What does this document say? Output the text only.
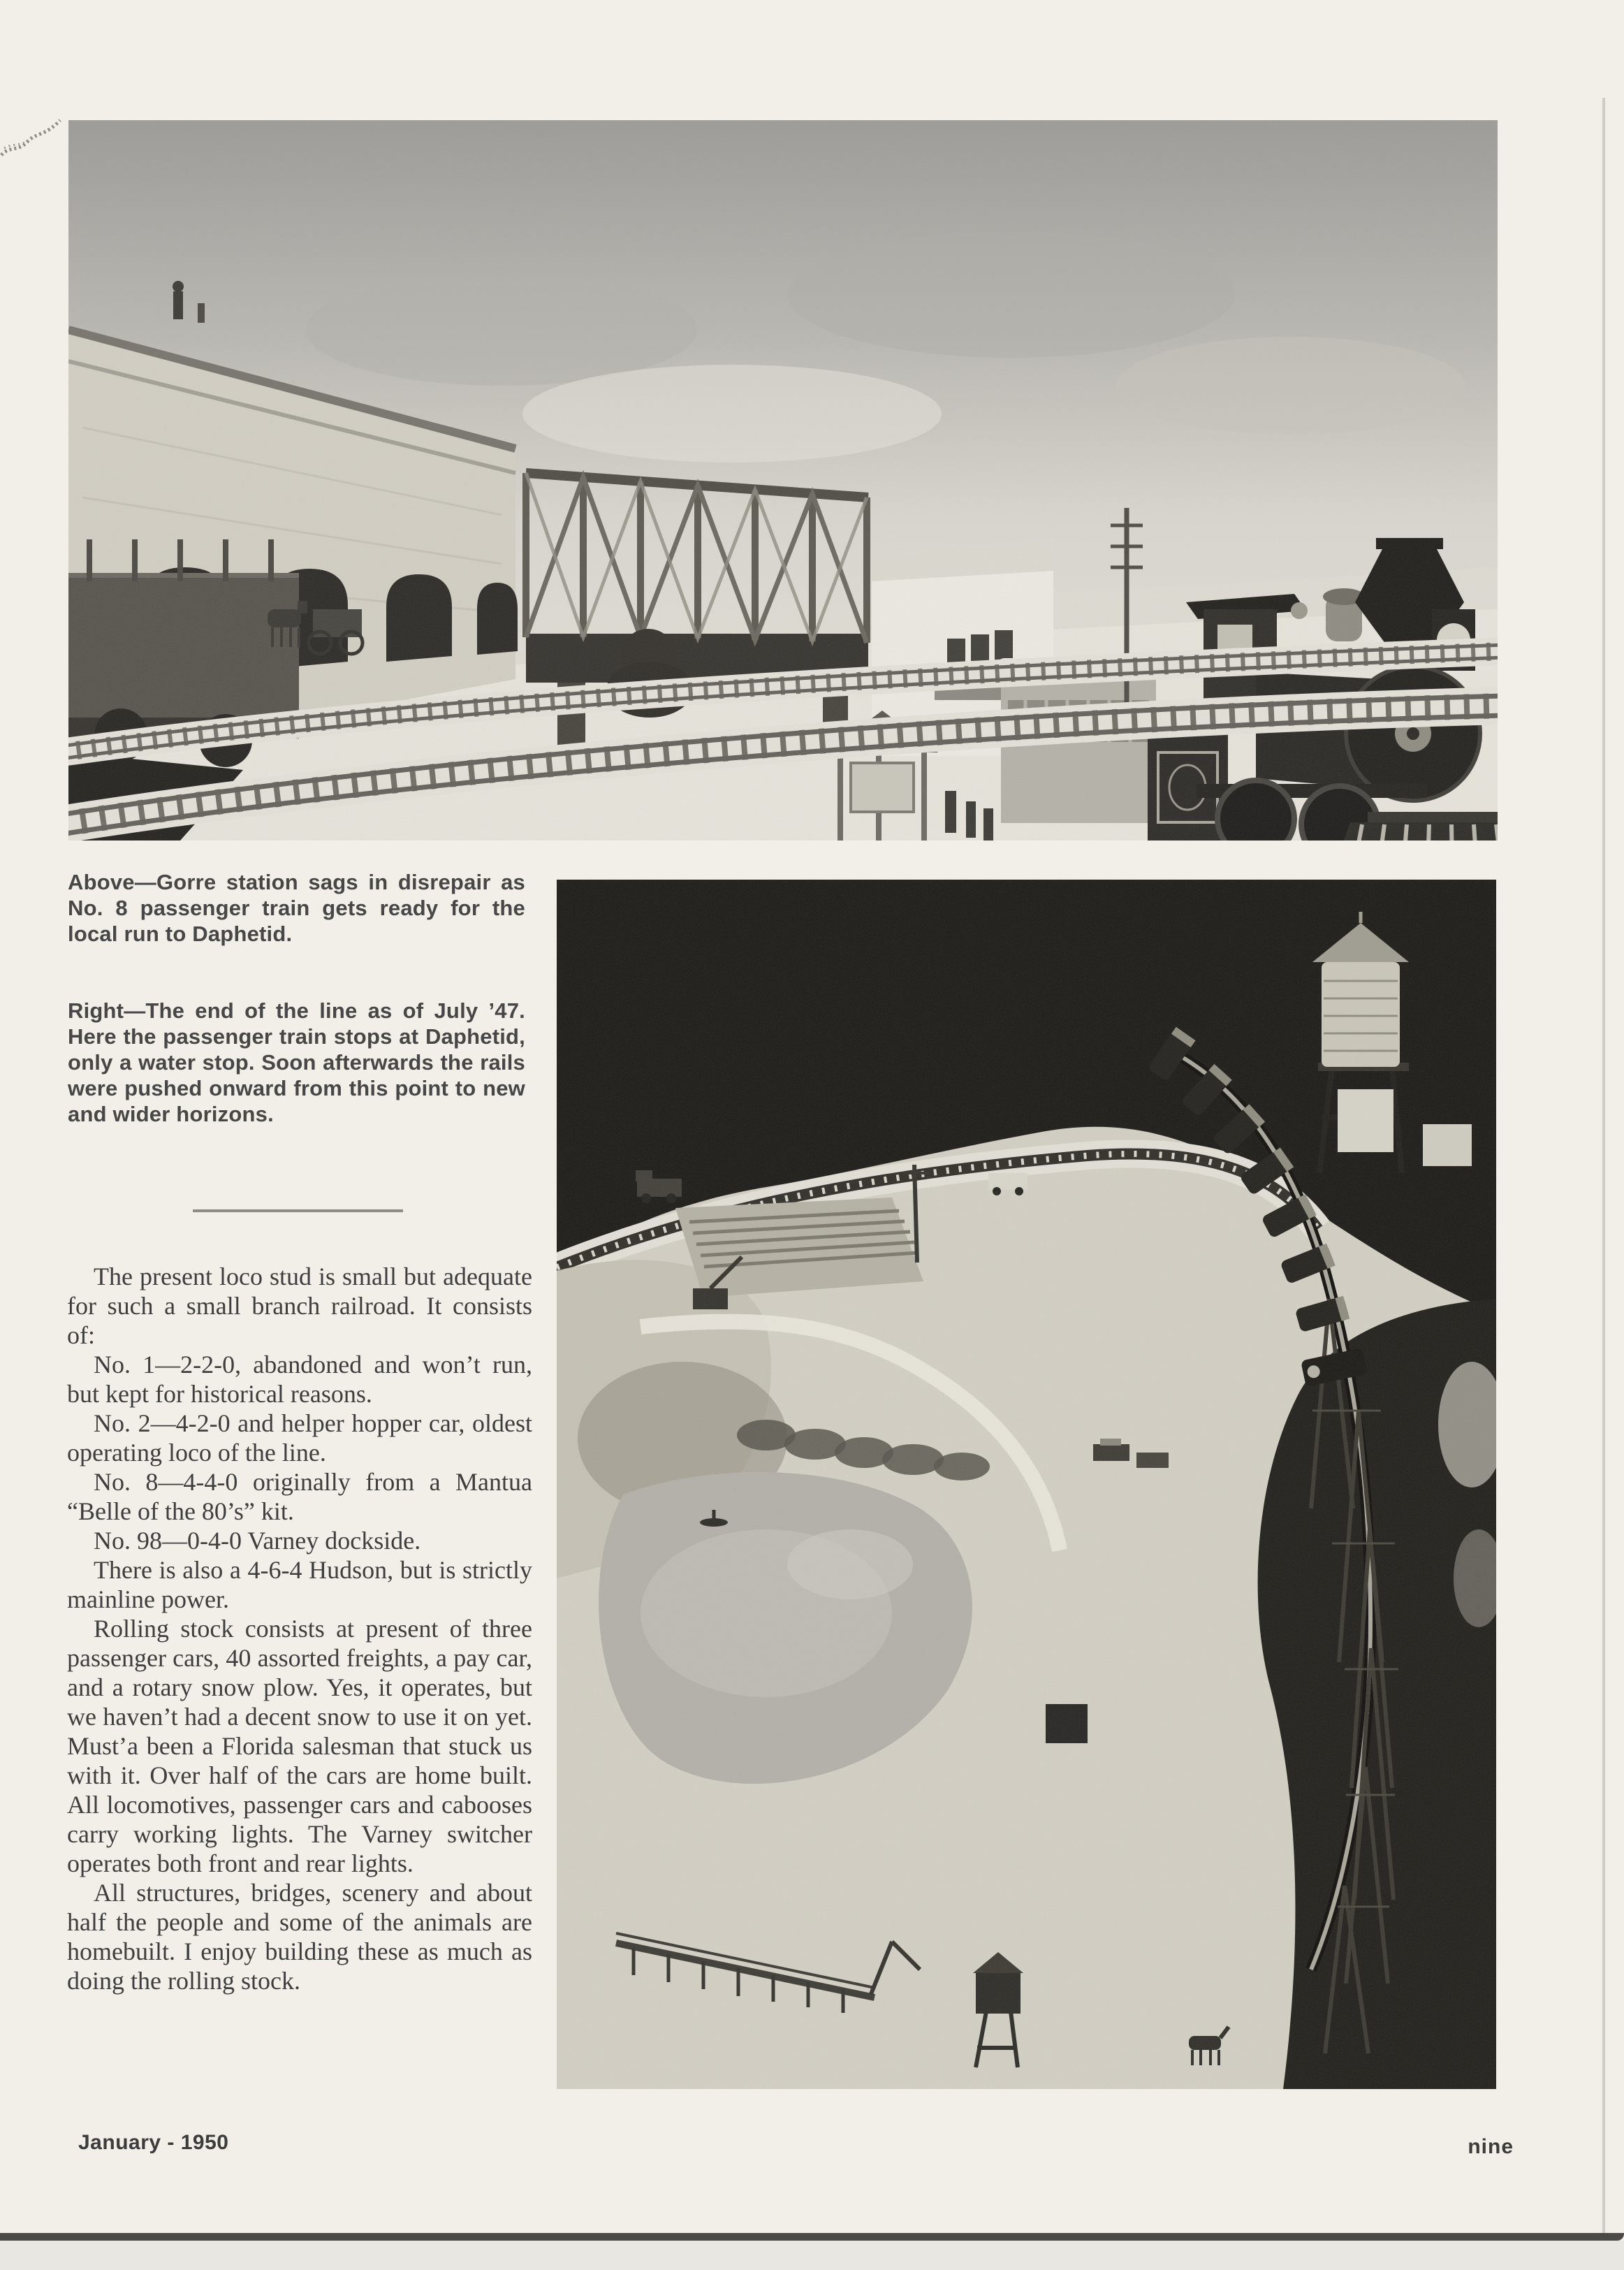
Above—Gorre station sags in disrepair as No. 8 passenger train gets ready for the local run to Daphetid.

Right—The end of the line as of July ’47. Here the passenger train stops at Daphetid, only a water stop. Soon afterwards the rails were pushed onward from this point to new and wider horizons.

The present loco stud is small but adequate for such a small branch railroad. It consists of:

No. 1—2-2-0, abandoned and won’t run, but kept for historical reasons.

No. 2—4-2-0 and helper hopper car, oldest operating loco of the line.

No. 8—4-4-0 originally from a Mantua “Belle of the 80’s” kit.

No. 98—0-4-0 Varney dockside.

There is also a 4-6-4 Hudson, but is strictly mainline power.

Rolling stock consists at present of three passenger cars, 40 assorted freights, a pay car, and a rotary snow plow. Yes, it operates, but we haven’t had a decent snow to use it on yet. Must’a been a Florida salesman that stuck us with it. Over half of the cars are home built. All locomotives, passenger cars and cabooses carry working lights. The Varney switcher operates both front and rear lights.

All structures, bridges, scenery and about half the people and some of the animals are homebuilt. I enjoy building these as much as doing the rolling stock.

January - 1950	nine
